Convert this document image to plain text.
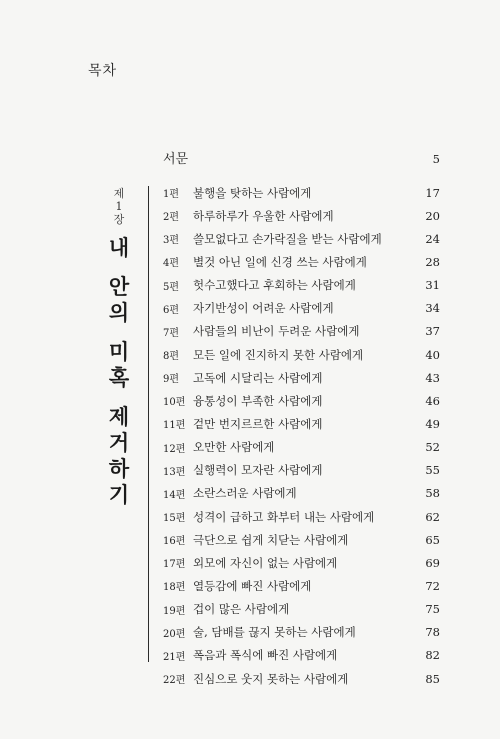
목차
서문	5
제
1
장
내
안
의
미
혹
제
거
하
기
1편	불행을 탓하는 사람에게	17
2편	하루하루가 우울한 사람에게	20
3편	쓸모없다고 손가락질을 받는 사람에게	24
4편	별것 아닌 일에 신경 쓰는 사람에게	28
5편	헛수고했다고 후회하는 사람에게	31
6편	자기반성이 어려운 사람에게	34
7편	사람들의 비난이 두려운 사람에게	37
8편	모든 일에 진지하지 못한 사람에게	40
9편	고독에 시달리는 사람에게	43
10편 융통성이 부족한 사람에게	46
11편 겉만 번지르르한 사람에게	49
12편 오만한 사람에게	52
13편 실행력이 모자란 사람에게	55
14편 소란스러운 사람에게	58
15편 성격이 급하고 화부터 내는 사람에게	62
16편 극단으로 쉽게 치닫는 사람에게	65
17편 외모에 자신이 없는 사람에게	69
18편 열등감에 빠진 사람에게	72
19편 겁이 많은 사람에게	75
20편 술, 담배를 끊지 못하는 사람에게	78
21편 폭음과 폭식에 빠진 사람에게	82
22편 진심으로 웃지 못하는 사람에게	85
